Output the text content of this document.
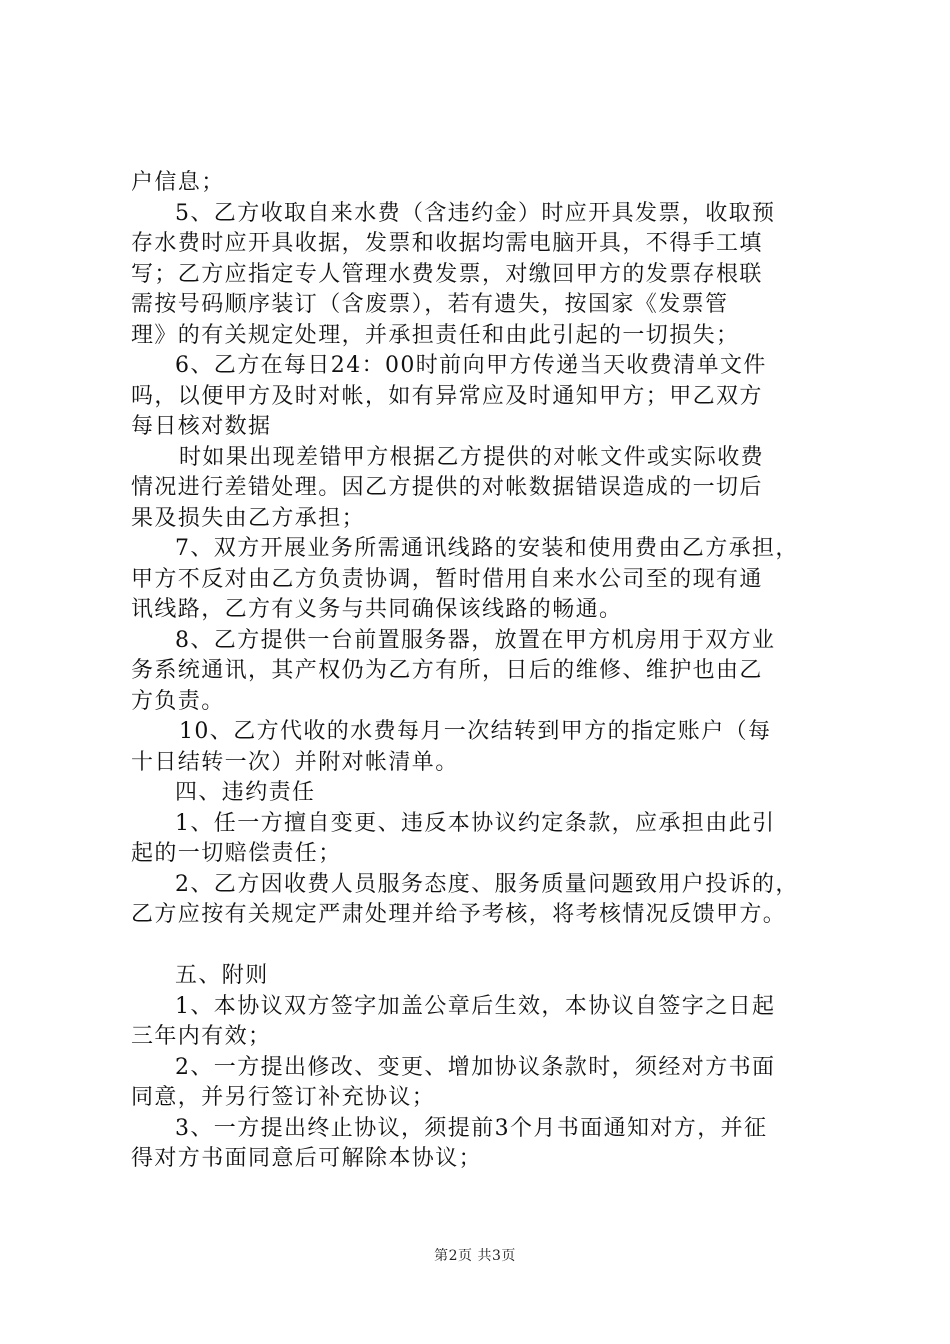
户信息；
5、乙方收取自来水费（含违约金）时应开具发票，收取预
存水费时应开具收据，发票和收据均需电脑开具，不得手工填
写；乙方应指定专人管理水费发票，对缴回甲方的发票存根联
需按号码顺序装订（含废票），若有遗失，按国家《发票管
理》的有关规定处理，并承担责任和由此引起的一切损失；
6、乙方在每日24：00时前向甲方传递当天收费清单文件
吗，以便甲方及时对帐，如有异常应及时通知甲方；甲乙双方
每日核对数据
时如果出现差错甲方根据乙方提供的对帐文件或实际收费
情况进行差错处理。因乙方提供的对帐数据错误造成的一切后
果及损失由乙方承担；
7、双方开展业务所需通讯线路的安装和使用费由乙方承担，
甲方不反对由乙方负责协调，暂时借用自来水公司至的现有通
讯线路，乙方有义务与共同确保该线路的畅通。
8、乙方提供一台前置服务器，放置在甲方机房用于双方业
务系统通讯，其产权仍为乙方有所，日后的维修、维护也由乙
方负责。
10、乙方代收的水费每月一次结转到甲方的指定账户（每
十日结转一次）并附对帐清单。
四、违约责任
1、任一方擅自变更、违反本协议约定条款，应承担由此引
起的一切赔偿责任；
2、乙方因收费人员服务态度、服务质量问题致用户投诉的，
乙方应按有关规定严肃处理并给予考核，将考核情况反馈甲方。
五、附则
1、本协议双方签字加盖公章后生效，本协议自签字之日起
三年内有效；
2、一方提出修改、变更、增加协议条款时，须经对方书面
同意，并另行签订补充协议；
3、一方提出终止协议，须提前3个月书面通知对方，并征
得对方书面同意后可解除本协议；
第2页 共3页
